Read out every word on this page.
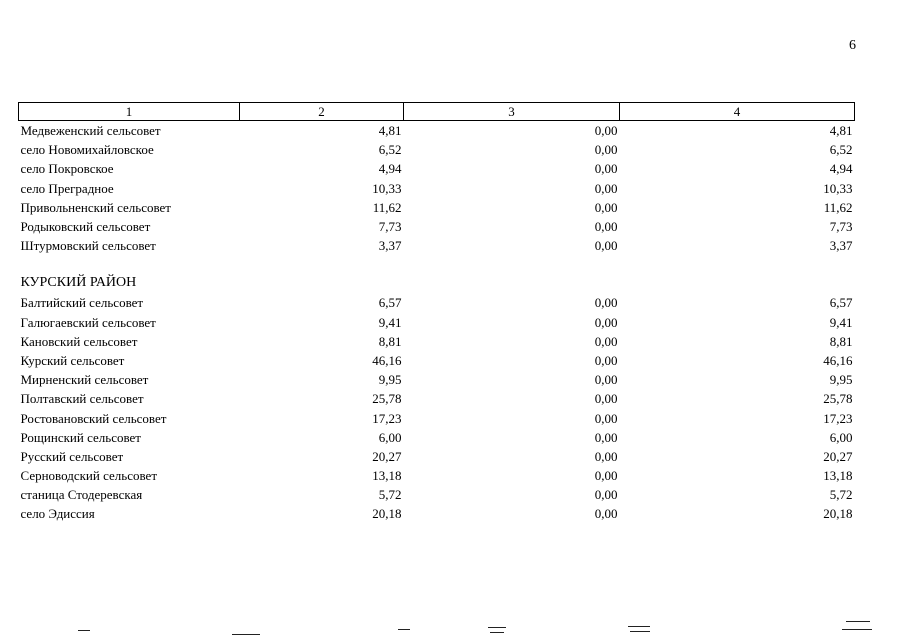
6
1	2	3	4
Медвеженский сельсовет	4,81	0,00	4,81
село Новомихайловское	6,52	0,00	6,52
село Покровское	4,94	0,00	4,94
село Преградное	10,33	0,00	10,33
Привольненский сельсовет	11,62	0,00	11,62
Родыковский сельсовет	7,73	0,00	7,73
Штурмовский сельсовет	3,37	0,00	3,37

КУРСКИЙ РАЙОН			
Балтийский сельсовет	6,57	0,00	6,57
Галюгаевский сельсовет	9,41	0,00	9,41
Кановский сельсовет	8,81	0,00	8,81
Курский сельсовет	46,16	0,00	46,16
Мирненский сельсовет	9,95	0,00	9,95
Полтавский сельсовет	25,78	0,00	25,78
Ростовановский сельсовет	17,23	0,00	17,23
Рощинский сельсовет	6,00	0,00	6,00
Русский сельсовет	20,27	0,00	20,27
Серноводский сельсовет	13,18	0,00	13,18
станица Стодеревская	5,72	0,00	5,72
село Эдиссия	20,18	0,00	20,18
